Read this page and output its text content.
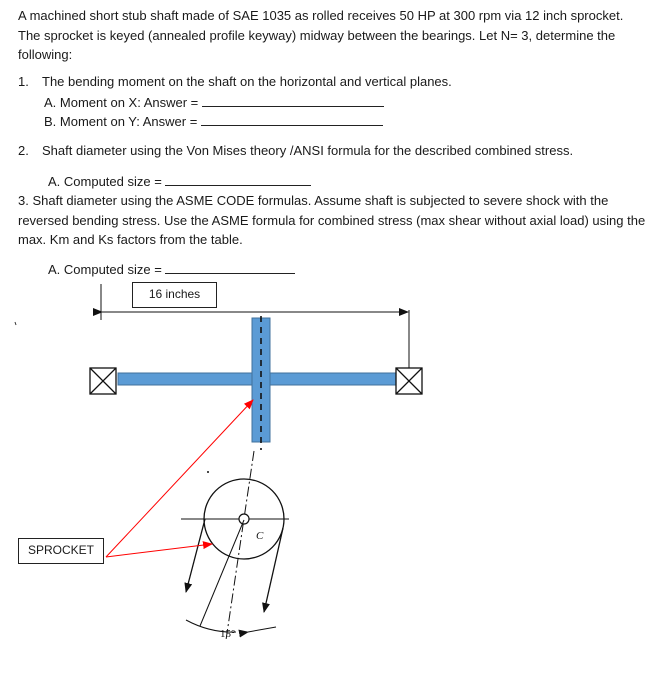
A machined short stub shaft made of SAE 1035 as rolled receives 50 HP at 300 rpm via 12 inch sprocket. The sprocket is keyed (annealed profile keyway) midway between the bearings. Let N= 3, determine the following:
1. The bending moment on the shaft on the horizontal and vertical planes.
A. Moment on X: Answer =
B. Moment on Y: Answer =
2. Shaft diameter using the Von Mises theory /ANSI formula for the described combined stress.
A. Computed size =
3. Shaft diameter using the ASME CODE formulas. Assume shaft is subjected to severe shock with the reversed bending stress. Use the ASME formula for combined stress (max shear without axial load) using the max. Km and Ks factors from the table.
A. Computed size =
15°
C
16 inches
SPROCKET
